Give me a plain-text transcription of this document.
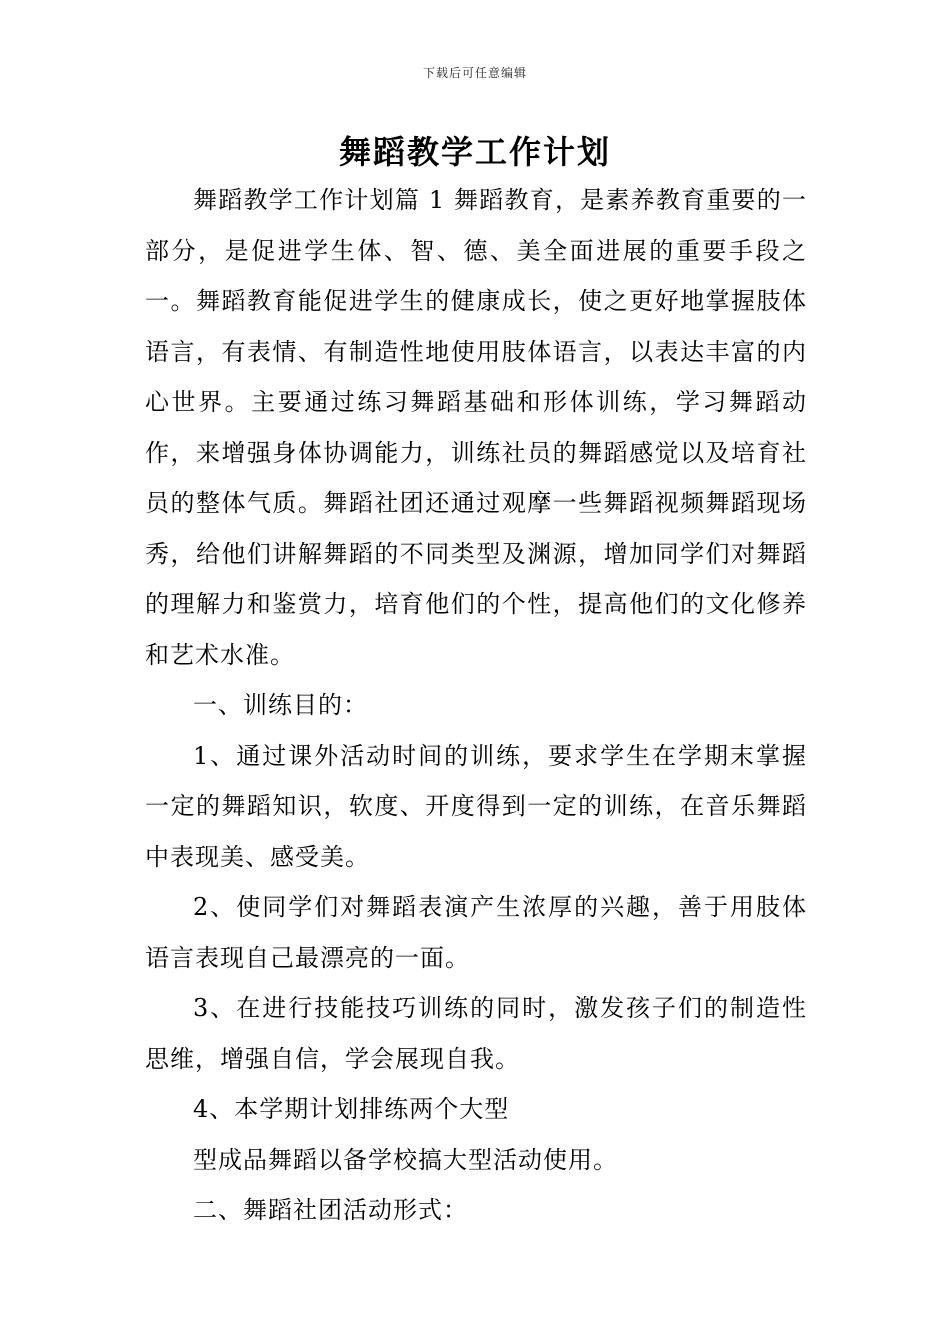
下载后可任意编辑
舞蹈教学工作计划

舞蹈教学工作计划篇 1 舞蹈教育，是素养教育重要的一部分，是促进学生体、智、德、美全面进展的重要手段之一。舞蹈教育能促进学生的健康成长，使之更好地掌握肢体语言，有表情、有制造性地使用肢体语言，以表达丰富的内心世界。主要通过练习舞蹈基础和形体训练，学习舞蹈动作，来增强身体协调能力，训练社员的舞蹈感觉以及培育社员的整体气质。舞蹈社团还通过观摩一些舞蹈视频舞蹈现场秀，给他们讲解舞蹈的不同类型及渊源，增加同学们对舞蹈的理解力和鉴赏力，培育他们的个性，提高他们的文化修养和艺术水准。

一、训练目的：

1、通过课外活动时间的训练，要求学生在学期末掌握一定的舞蹈知识，软度、开度得到一定的训练，在音乐舞蹈中表现美、感受美。

2、使同学们对舞蹈表演产生浓厚的兴趣，善于用肢体语言表现自己最漂亮的一面。

3、在进行技能技巧训练的同时，激发孩子们的制造性思维，增强自信，学会展现自我。

4、本学期计划排练两个大型

型成品舞蹈以备学校搞大型活动使用。

二、舞蹈社团活动形式：
